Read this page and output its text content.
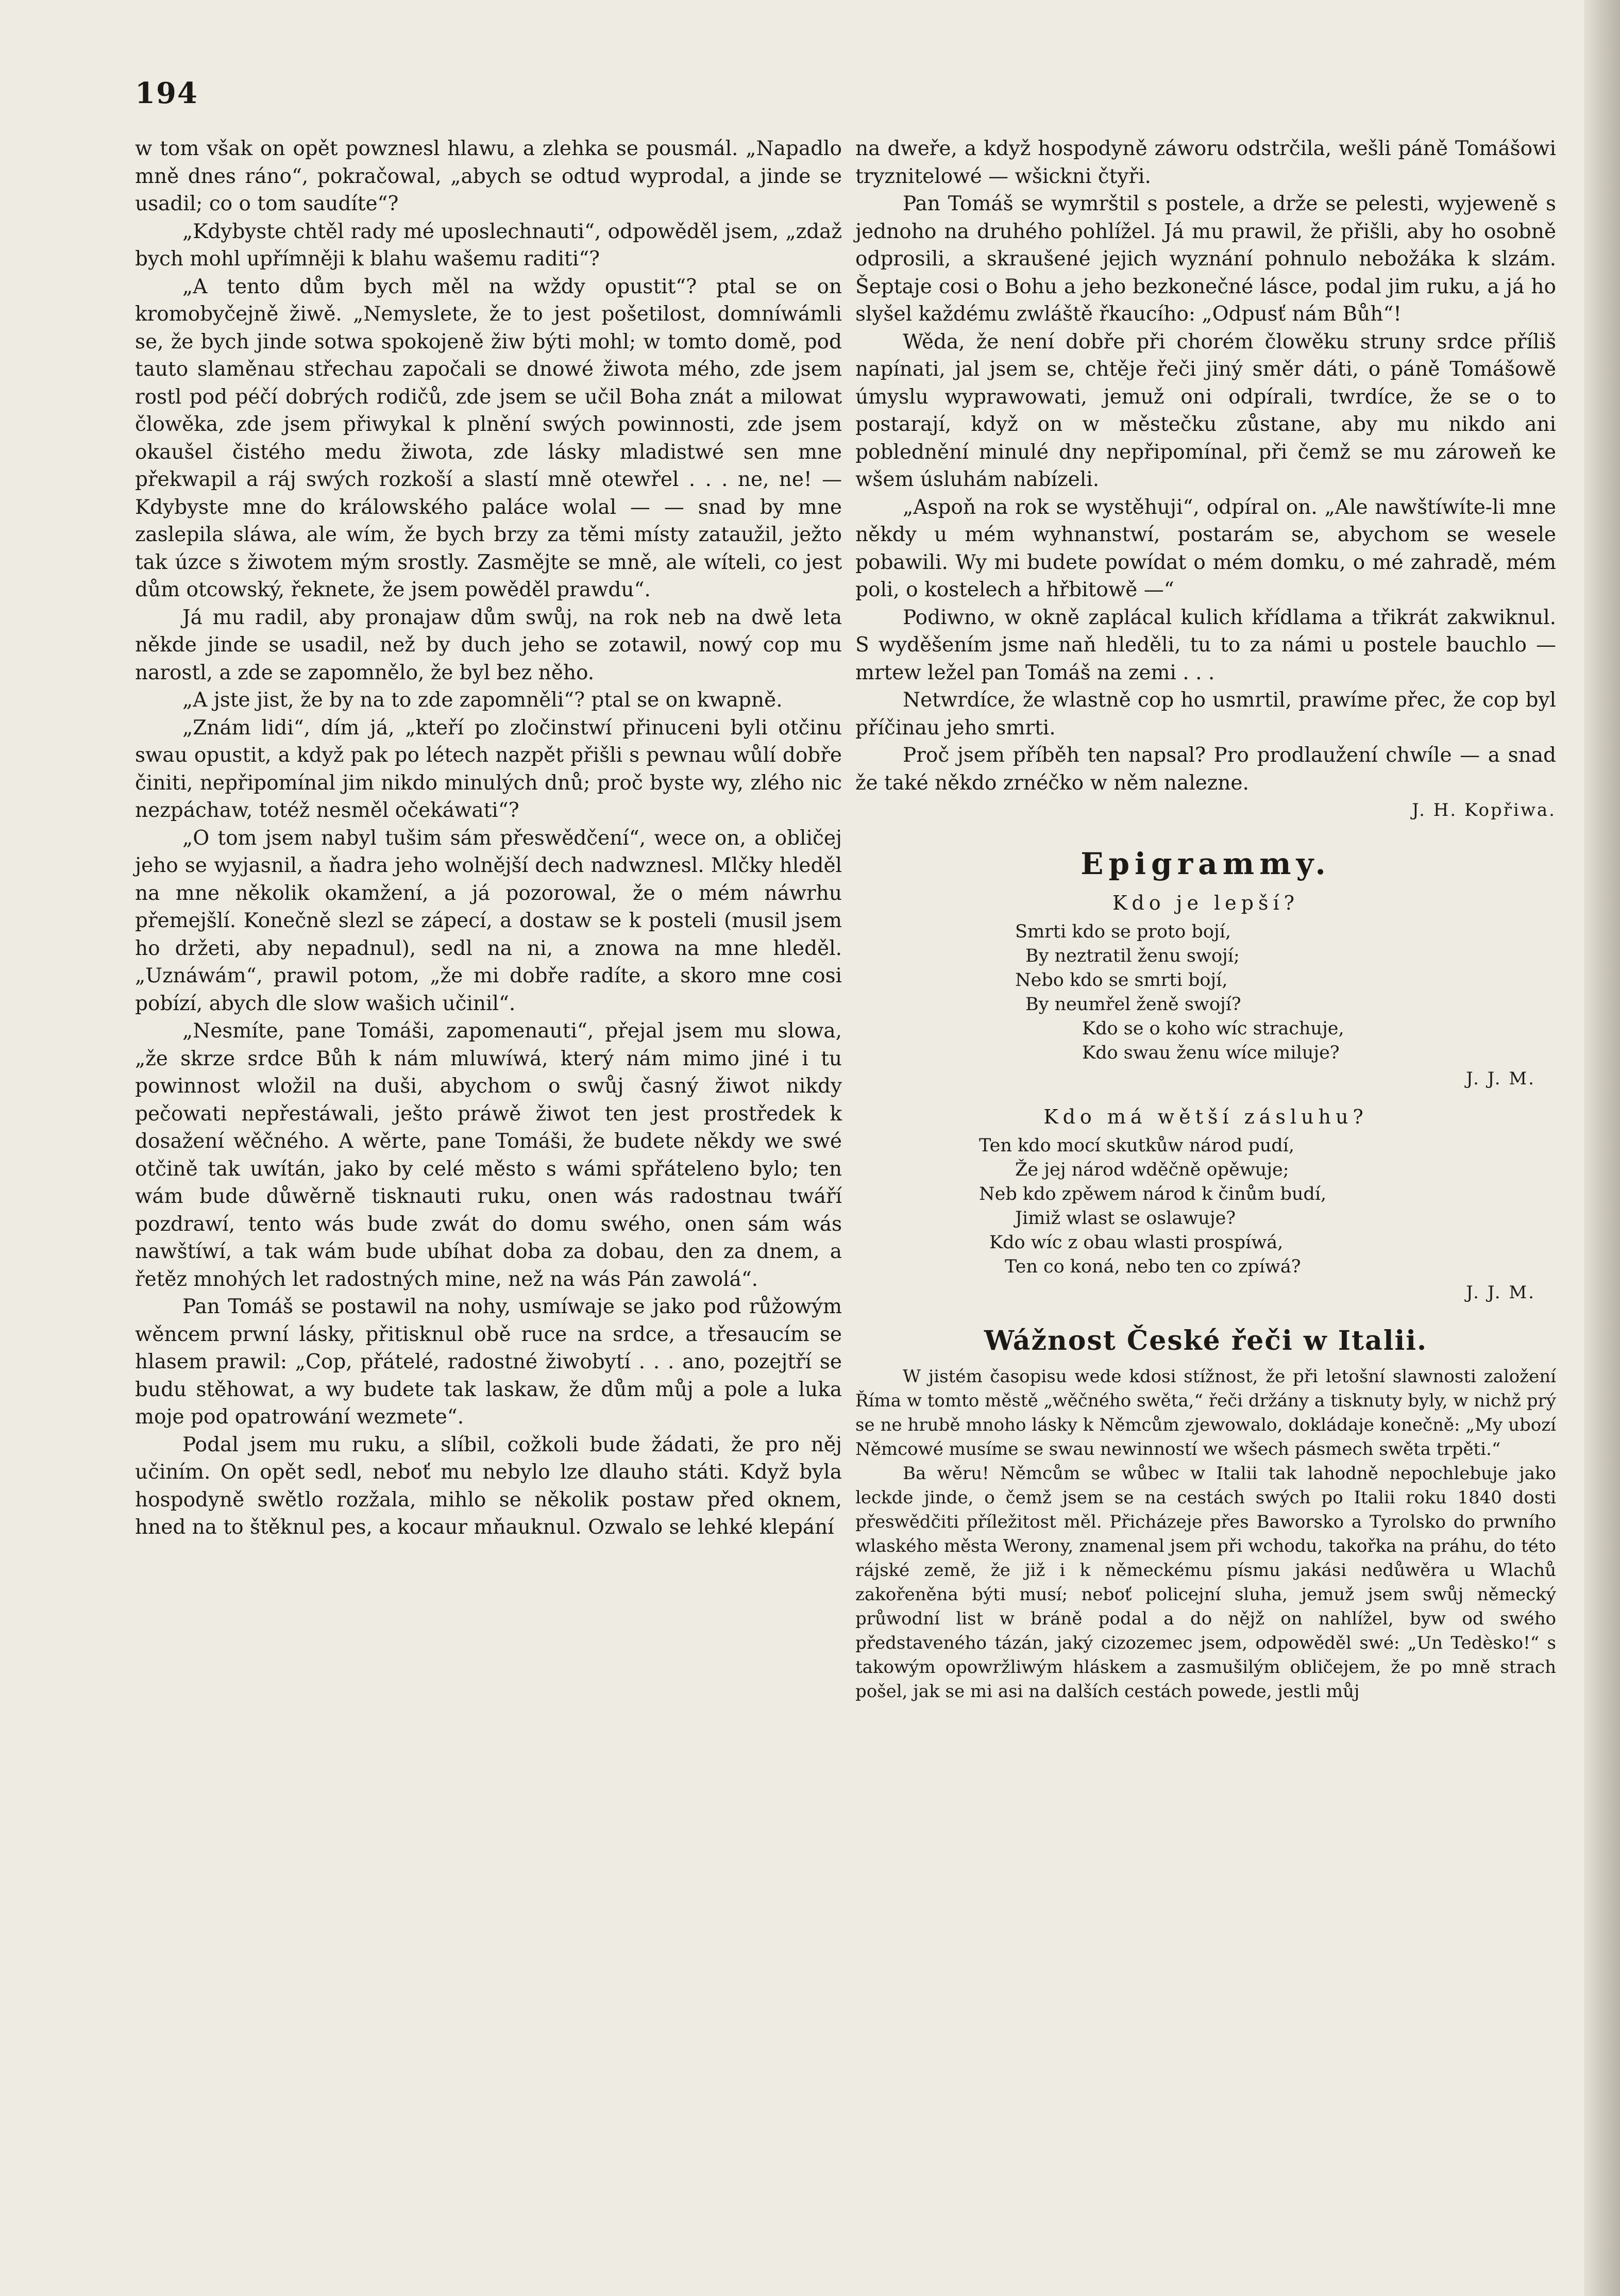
194

w tom však on opět powznesl hlawu, a zlehka se pousmál. „Napadlo mně dnes ráno“, pokračowal, „abych se odtud wyprodal, a jinde se usadil; co o tom saudíte“?

„Kdybyste chtěl rady mé uposlechnauti“, odpowěděl jsem, „zdaž bych mohl upřímněji k blahu wašemu raditi“?

„A tento dům bych měl na wždy opustit“? ptal se on kromobyčejně žiwě. „Nemyslete, že to jest pošetilost, domníwámli se, že bych jinde sotwa spokojeně žiw býti mohl; w tomto domě, pod tauto slaměnau střechau započali se dnowé žiwota mého, zde jsem rostl pod péčí dobrých rodičů, zde jsem se učil Boha znát a milowat člowěka, zde jsem přiwykal k plnění swých powinnosti, zde jsem okaušel čistého medu žiwota, zde lásky mladistwé sen mne překwapil a ráj swých rozkoší a slastí mně otewřel . . . ne, ne! — Kdybyste mne do králowského paláce wolal — — snad by mne zaslepila sláwa, ale wím, že bych brzy za těmi místy zataužil, ježto tak úzce s žiwotem mým srostly. Zasmějte se mně, ale wíteli, co jest dům otcowský, řeknete, že jsem powěděl prawdu“.

Já mu radil, aby pronajaw dům swůj, na rok neb na dwě leta někde jinde se usadil, než by duch jeho se zotawil, nowý cop mu narostl, a zde se zapomnělo, že byl bez něho.

„A jste jist, že by na to zde zapomněli“? ptal se on kwapně.

„Znám lidi“, dím já, „kteří po zločinstwí přinuceni byli otčinu swau opustit, a když pak po létech nazpět přišli s pewnau wůlí dobře činiti, nepřipomínal jim nikdo minulých dnů; proč byste wy, zlého nic nezpáchaw, totéž nesměl očekáwati“?

„O tom jsem nabyl tušim sám přeswědčení“, wece on, a obličej jeho se wyjasnil, a ňadra jeho wolnější dech nadwznesl. Mlčky hleděl na mne několik okamžení, a já pozorowal, že o mém náwrhu přemejšlí. Konečně slezl se zápecí, a dostaw se k posteli (musil jsem ho držeti, aby nepadnul), sedl na ni, a znowa na mne hleděl. „Uznáwám“, prawil potom, „že mi dobře radíte, a skoro mne cosi pobízí, abych dle slow wašich učinil“.

„Nesmíte, pane Tomáši, zapomenauti“, přejal jsem mu slowa, „že skrze srdce Bůh k nám mluwíwá, který nám mimo jiné i tu powinnost wložil na duši, abychom o swůj časný žiwot nikdy pečowati nepřestáwali, ješto práwě žiwot ten jest prostředek k dosažení wěčného. A wěrte, pane Tomáši, že budete někdy we swé otčině tak uwítán, jako by celé město s wámi spřáteleno bylo; ten wám bude důwěrně tisknauti ruku, onen wás radostnau twáří pozdrawí, tento wás bude zwát do domu swého, onen sám wás nawštíwí, a tak wám bude ubíhat doba za dobau, den za dnem, a řetěz mnohých let radostných mine, než na wás Pán zawolá“.

Pan Tomáš se postawil na nohy, usmíwaje se jako pod růžowým wěncem prwní lásky, přitisknul obě ruce na srdce, a třesaucím se hlasem prawil: „Cop, přátelé, radostné žiwobytí . . . ano, pozejtří se budu stěhowat, a wy budete tak laskaw, že dům můj a pole a luka moje pod opatrowání wezmete“.

Podal jsem mu ruku, a slíbil, cožkoli bude žádati, že pro něj učiním. On opět sedl, neboť mu nebylo lze dlauho státi. Když byla hospodyně swětlo rozžala, mihlo se několik postaw před oknem, hned na to štěknul pes, a kocaur mňauknul. Ozwalo se lehké klepání

na dweře, a když hospodyně záworu odstrčila, wešli páně Tomášowi tryznitelowé — wšickni čtyři.

Pan Tomáš se wymrštil s postele, a drže se pelesti, wyjeweně s jednoho na druhého pohlížel. Já mu prawil, že přišli, aby ho osobně odprosili, a skraušené jejich wyznání pohnulo nebožáka k slzám. Šeptaje cosi o Bohu a jeho bezkonečné lásce, podal jim ruku, a já ho slyšel každému zwláště řkaucího: „Odpusť nám Bůh“!

Wěda, že není dobře při chorém člowěku struny srdce příliš napínati, jal jsem se, chtěje řeči jiný směr dáti, o páně Tomášowě úmyslu wyprawowati, jemuž oni odpírali, twrdíce, že se o to postarají, když on w městečku zůstane, aby mu nikdo ani poblednění minulé dny nepřipomínal, při čemž se mu zároweň ke wšem úsluhám nabízeli.

„Aspoň na rok se wystěhuji“, odpíral on. „Ale nawštíwíte-li mne někdy u mém wyhnanstwí, postarám se, abychom se wesele pobawili. Wy mi budete powídat o mém domku, o mé zahradě, mém poli, o kostelech a hřbitowě —“

Podiwno, w okně zaplácal kulich křídlama a třikrát zakwiknul. S wyděšením jsme naň hleděli, tu to za námi u postele bauchlo — mrtew ležel pan Tomáš na zemi . . .

Netwrdíce, že wlastně cop ho usmrtil, prawíme přec, že cop byl příčinau jeho smrti.

Proč jsem příběh ten napsal? Pro prodlaužení chwíle — a snad že také někdo zrnéčko w něm nalezne.

J. H. Kopřiwa.
Epigrammy.
Kdo je lepší?
Smrti kdo se proto bojí,
By neztratil ženu swojí;
Nebo kdo se smrti bojí,
By neumřel ženě swojí?
Kdo se o koho wíc strachuje,
Kdo swau ženu wíce miluje?
J. J. M.
Kdo má wětší zásluhu?
Ten kdo mocí skutkůw národ pudí,
Že jej národ wděčně opěwuje;
Neb kdo zpěwem národ k činům budí,
Jimiž wlast se oslawuje?
Kdo wíc z obau wlasti prospíwá,
Ten co koná, nebo ten co zpíwá?
J. J. M.
Wážnost České řeči w Italii.

W jistém časopisu wede kdosi stížnost, že při letošní slawnosti založení Říma w tomto městě „wěčného swěta,“ řeči držány a tisknuty byly, w nichž prý se ne hrubě mnoho lásky k Němcům zjewowalo, dokládaje konečně: „My ubozí Němcowé musíme se swau newinností we wšech pásmech swěta trpěti.“

Ba wěru! Němcům se wůbec w Italii tak lahodně nepochlebuje jako leckde jinde, o čemž jsem se na cestách swých po Italii roku 1840 dosti přeswědčiti příležitost měl. Přicházeje přes Baworsko a Tyrolsko do prwního wlaského města Werony, znamenal jsem při wchodu, takořka na práhu, do této rájské země, že již i k německému písmu jakási nedůwěra u Wlachů zakořeněna býti musí; neboť policejní sluha, jemuž jsem swůj německý průwodní list w bráně podal a do nějž on nahlížel, byw od swého představeného tázán, jaký cizozemec jsem, odpowěděl swé: „Un Tedèsko!“ s takowým opowržliwým hláskem a zasmušilým obličejem, že po mně strach pošel, jak se mi asi na dalších cestách powede, jestli můj
